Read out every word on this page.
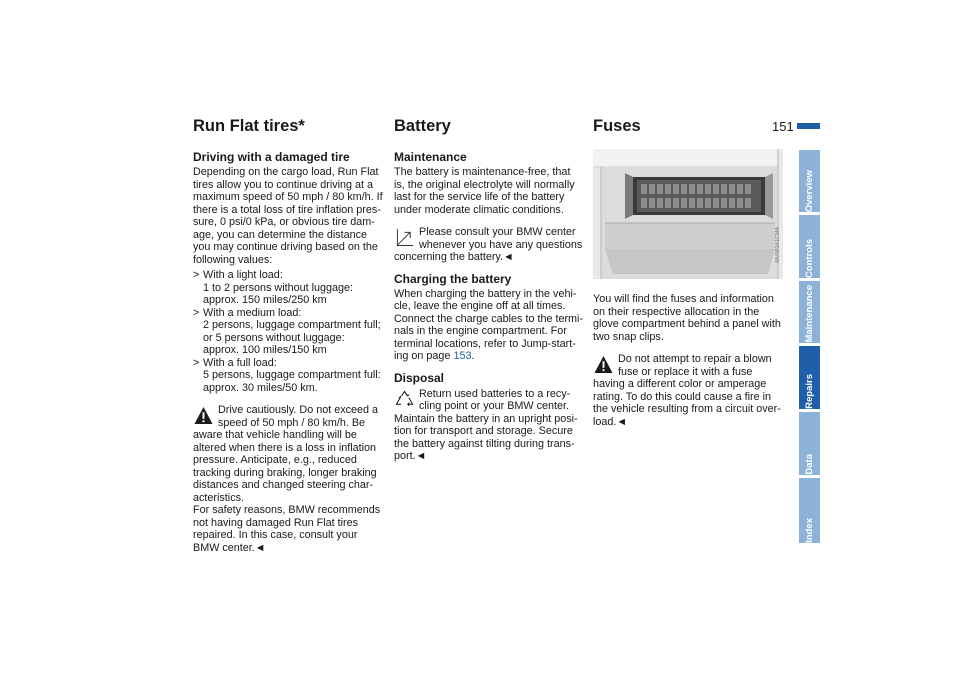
151
Run Flat tires*
Driving with a damaged tire

Depending on the cargo load, Run Flat tires allow you to continue driving at a maximum speed of 50 mph / 80 km/h. If there is a total loss of tire inflation pres-sure, 0 psi/0 kPa, or obvious tire dam-age, you can determine the distance you may continue driving based on the following values:

> With a light load:
1 to 2 persons without luggage:
approx. 150 miles/250 km
> With a medium load:
2 persons, luggage compartment full;
or 5 persons without luggage:
approx. 100 miles/150 km
> With a full load:
5 persons, luggage compartment full:
approx. 30 miles/50 km.
Drive cautiously. Do not exceed a speed of 50 mph / 80 km/h. Be
aware that vehicle handling will be altered when there is a loss in inflation pressure. Anticipate, e.g., reduced tracking during braking, longer braking distances and changed steering char-acteristics.
For safety reasons, BMW recommends not having damaged Run Flat tires repaired. In this case, consult your BMW center.◄
Battery
Maintenance

The battery is maintenance-free, that is, the original electrolyte will normally last for the service life of the battery under moderate climatic conditions.

Please consult your BMW center whenever you have any questions
concerning the battery.◄
Charging the battery

When charging the battery in the vehi-cle, leave the engine off at all times. Connect the charge cables to the termi-nals in the engine compartment. For terminal locations, refer to Jump-start-ing on page 153.

Disposal
Return used batteries to a recy-cling point or your BMW center.
Maintain the battery in an upright posi-tion for transport and storage. Secure the battery against tilting during trans-port.◄
Fuses
MV00141CMA

You will find the fuses and information on their respective allocation in the glove compartment behind a panel with two snap clips.

Do not attempt to repair a blown fuse or replace it with a fuse
having a different color or amperage rating. To do this could cause a fire in the vehicle resulting from a circuit over-load.◄
Overview
Controls
Maintenance
Repairs
Data
Index
